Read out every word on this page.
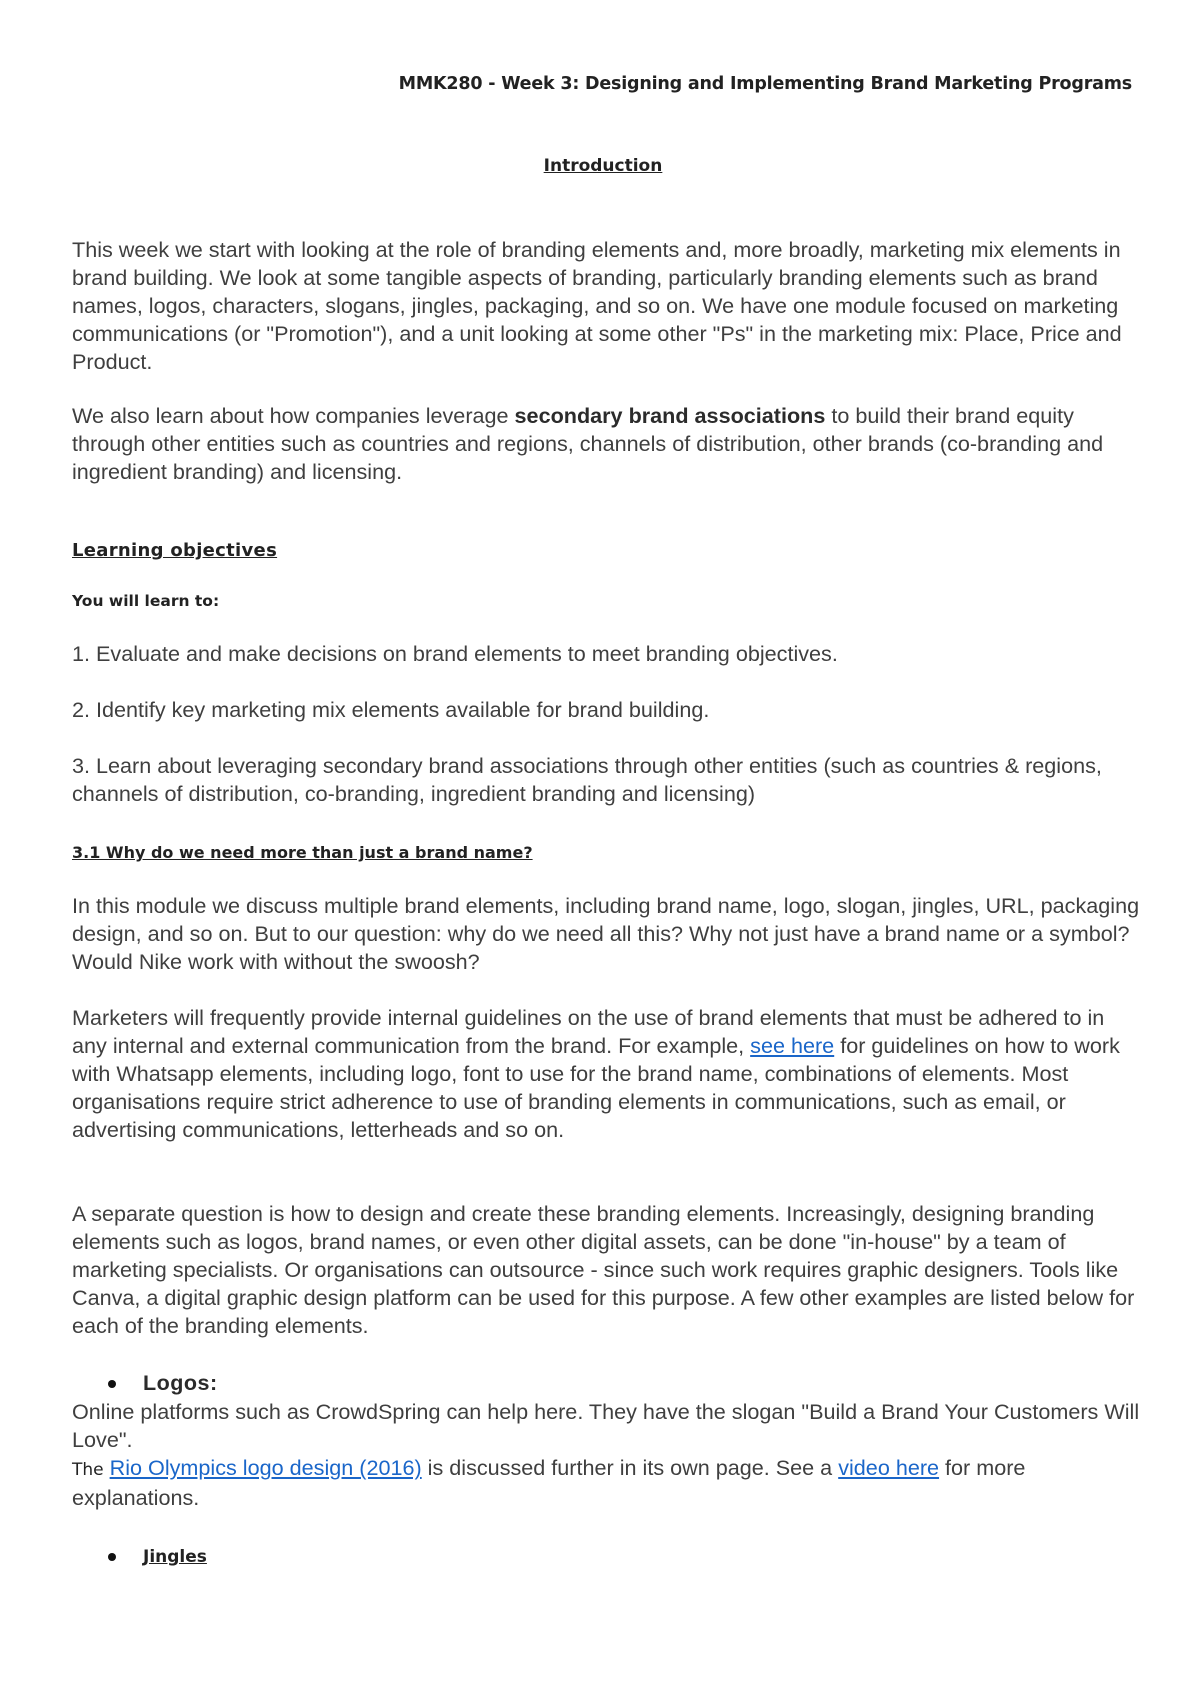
MMK280 - Week 3: Designing and Implementing Brand Marketing Programs
Introduction
This week we start with looking at the role of branding elements and, more broadly, marketing mix elements in brand building. We look at some tangible aspects of branding, particularly branding elements such as brand names, logos, characters, slogans, jingles, packaging, and so on. We have one module focused on marketing communications (or "Promotion"), and a unit looking at some other "Ps" in the marketing mix: Place, Price and Product.
We also learn about how companies leverage secondary brand associations to build their brand equity through other entities such as countries and regions, channels of distribution, other brands (co-branding and ingredient branding) and licensing.
Learning objectives
You will learn to:
1. Evaluate and make decisions on brand elements to meet branding objectives.
2. Identify key marketing mix elements available for brand building.
3. Learn about leveraging secondary brand associations through other entities (such as countries & regions, channels of distribution, co-branding, ingredient branding and licensing)
3.1 Why do we need more than just a brand name?
In this module we discuss multiple brand elements, including brand name, logo, slogan, jingles, URL, packaging design, and so on. But to our question: why do we need all this? Why not just have a brand name or a symbol? Would Nike work with without the swoosh?
Marketers will frequently provide internal guidelines on the use of brand elements that must be adhered to in any internal and external communication from the brand. For example, see here for guidelines on how to work with Whatsapp elements, including logo, font to use for the brand name, combinations of elements. Most organisations require strict adherence to use of branding elements in communications, such as email, or advertising communications, letterheads and so on.
A separate question is how to design and create these branding elements. Increasingly, designing branding elements such as logos, brand names, or even other digital assets, can be done "in-house" by a team of marketing specialists. Or organisations can outsource - since such work requires graphic designers. Tools like Canva, a digital graphic design platform can be used for this purpose. A few other examples are listed below for each of the branding elements.
Logos:
Online platforms such as CrowdSpring can help here. They have the slogan "Build a Brand Your Customers Will Love".
The Rio Olympics logo design (2016) is discussed further in its own page. See a video here for more explanations.
Jingles
